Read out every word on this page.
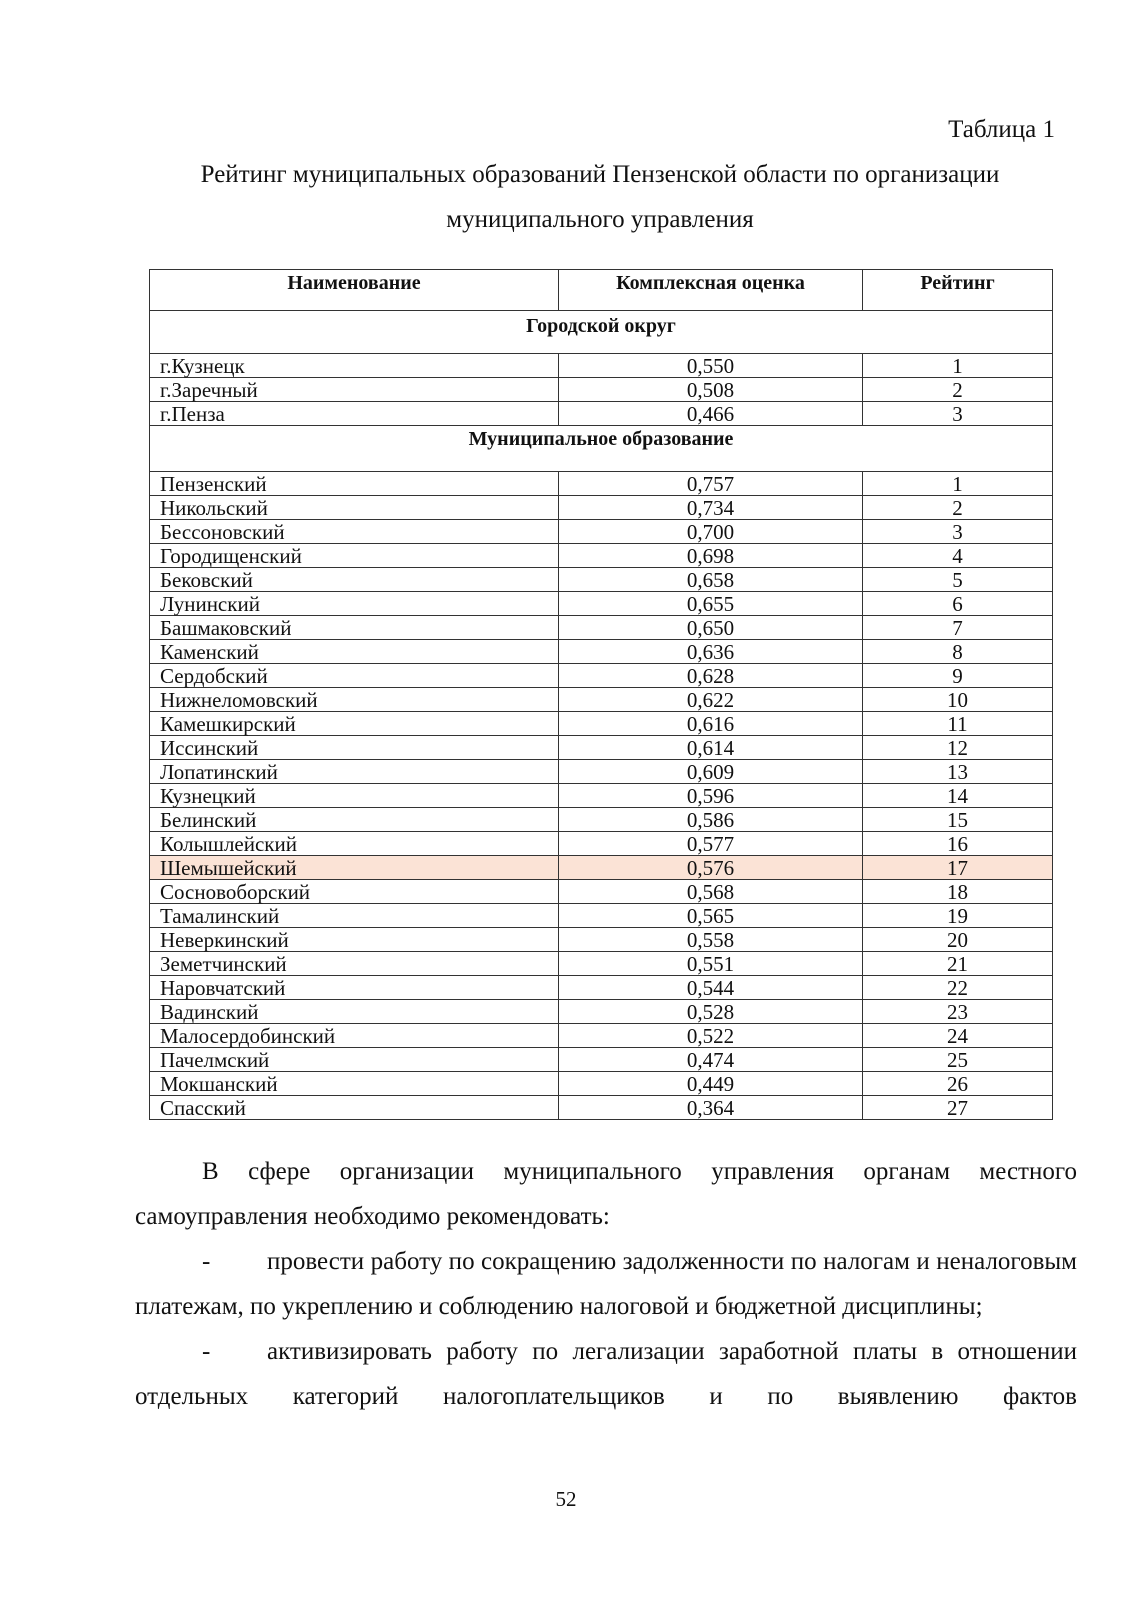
Таблица 1

Рейтинг муниципальных образований Пензенской области по организации

муниципального управления

Наименование	Комплексная оценка	Рейтинг
Городской округ		
г.Кузнецк	0,550	1
г.Заречный	0,508	2
г.Пенза	0,466	3
Муниципальное образование		
Пензенский	0,757	1
Никольский	0,734	2
Бессоновский	0,700	3
Городищенский	0,698	4
Бековский	0,658	5
Лунинский	0,655	6
Башмаковский	0,650	7
Каменский	0,636	8
Сердобский	0,628	9
Нижнеломовский	0,622	10
Камешкирский	0,616	11
Иссинский	0,614	12
Лопатинский	0,609	13
Кузнецкий	0,596	14
Белинский	0,586	15
Колышлейский	0,577	16
Шемышейский	0,576	17
Сосновоборский	0,568	18
Тамалинский	0,565	19
Неверкинский	0,558	20
Земетчинский	0,551	21
Наровчатский	0,544	22
Вадинский	0,528	23
Малосердобинский	0,522	24
Пачелмский	0,474	25
Мокшанский	0,449	26
Спасский	0,364	27

В сфере организации муниципального управления органам местного самоуправления необходимо рекомендовать:

-	провести работу по сокращению задолженности по налогам и неналоговым платежам, по укреплению и соблюдению налоговой и бюджетной дисциплины;

-	активизировать работу по легализации заработной платы в отношении отдельных категорий налогоплательщиков и по выявлению фактов

52
